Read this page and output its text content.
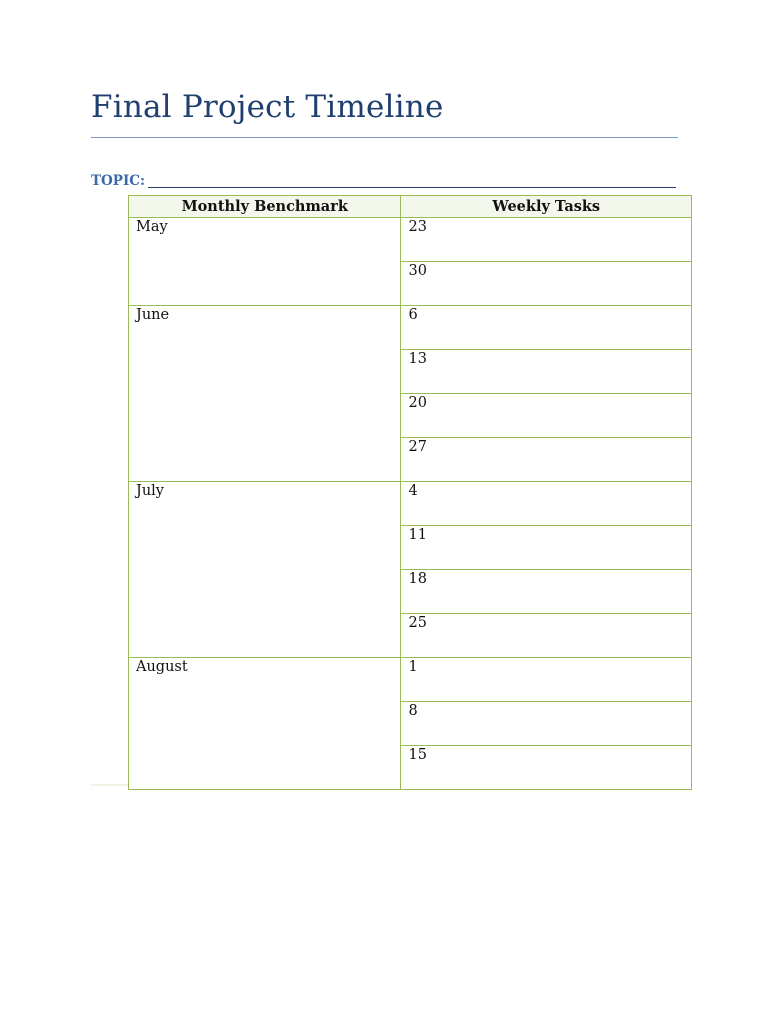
Final Project Timeline
TOPIC:
Monthly Benchmark	Weekly Tasks
May	23
	30
June	6
	13
	20
	27
July	4
	11
	18
	25
August	1
	8
	15
